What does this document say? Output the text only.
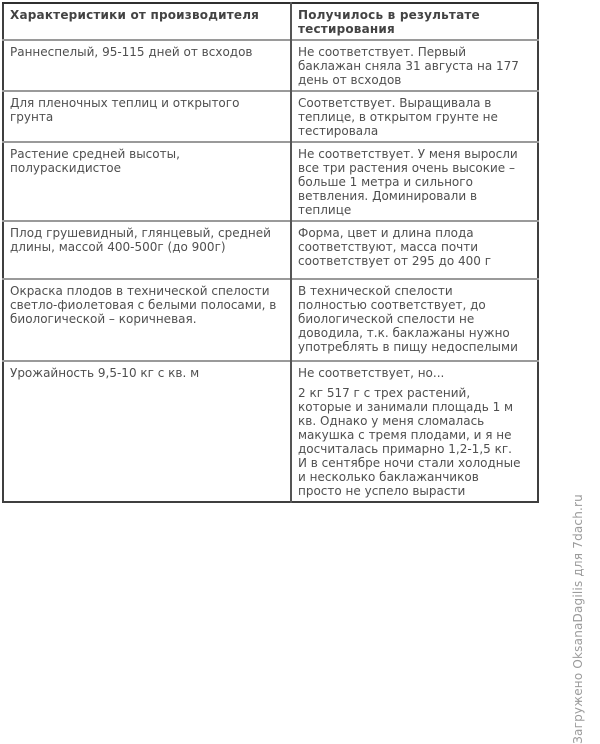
Характеристики от производителя	Получилось в результате тестирования
Раннеспелый, 95-115 дней от всходов	Не соответствует. Первый баклажан сняла 31 августа на 177 день от всходов
Для пленочных теплиц и открытого грунта	Соответствует. Выращивала в теплице, в открытом грунте не тестировала
Растение средней высоты, полураскидистое	Не соответствует. У меня выросли все три растения очень высокие – больше 1 метра и сильного ветвления. Доминировали в теплице
Плод грушевидный, глянцевый, средней длины, массой 400-500г (до 900г)	Форма, цвет и длина плода соответствуют, масса почти соответствует от 295 до 400 г
Окраска плодов в технической спелости светло-фиолетовая с белыми полосами, в биологической – коричневая.	В технической спелости полностью соответствует, до биологической спелости не доводила, т.к. баклажаны нужно употреблять в пищу недоспелыми
Урожайность 9,5-10 кг с кв. м	Не соответствует, но...

2 кг 517 г с трех растений, которые и занимали площадь 1 м кв. Однако у меня сломалась макушка с тремя плодами, и я не досчиталась примарно 1,2-1,5 кг. И в сентябре ночи стали холодные и несколько баклажанчиков просто не успело вырасти

Загружено OksanaDagilis для 7dach.ru
